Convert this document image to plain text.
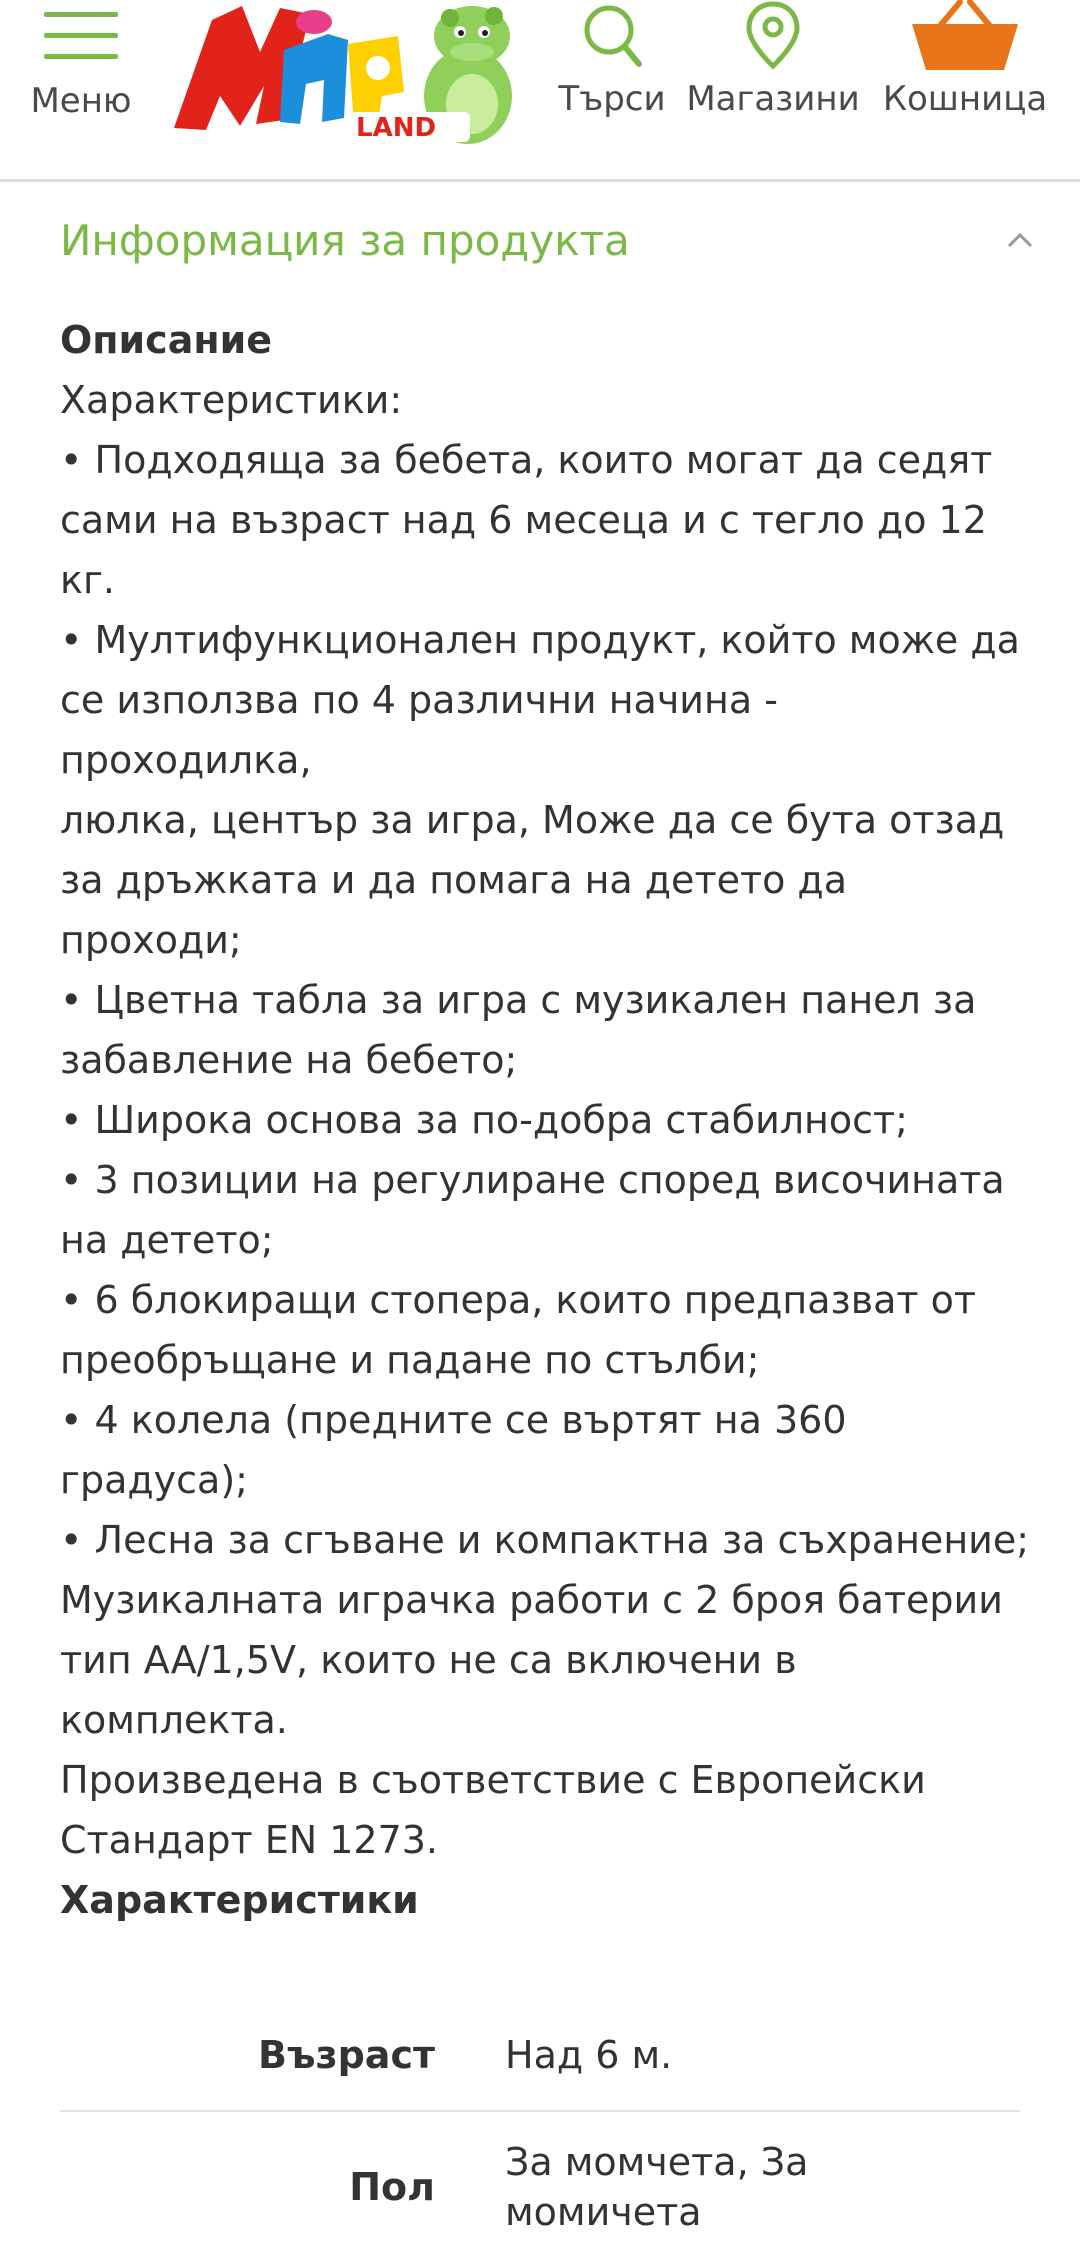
Меню
LAND
Търси Магазини Кошница
Информация за продукта

Описание

Характеристики:

• Подходяща за бебета, които могат да седят

сами на възраст над 6 месеца и с тегло до 12

кг.

• Мултифункционален продукт, който може да

се използва по 4 различни начина - проходилка,

люлка, център за игра, Може да се бута отзад

за дръжката и да помага на детето да

проходи;

• Цветна табла за игра с музикален панел за

забавление на бебето;

• Широка основа за по-добра стабилност;

• 3 позиции на регулиране според височината

на детето;

• 6 блокиращи стопера, които предпазват от

преобръщане и падане по стълби;

• 4 колела (предните се въртят на 360

градуса);

• Лесна за сгъване и компактна за съхранение;

Музикалната играчка работи с 2 броя батерии

тип AA/1,5V, които не са включени в

комплекта.

Произведена в съответствие с Европейски

Стандарт EN 1273.

Характеристики

Възраст	Над 6 м.
Пол
За момчета, За
момичета
